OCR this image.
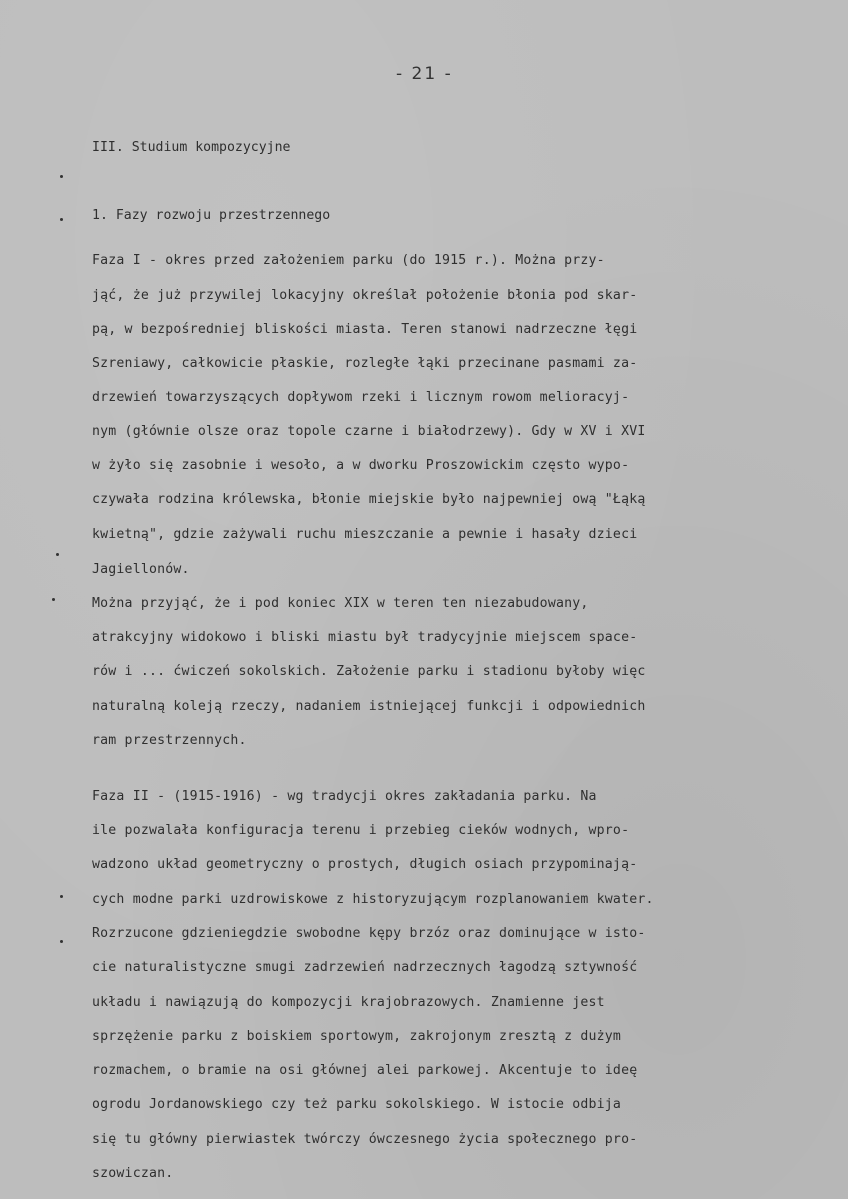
- 21 -
III. Studium kompozycyjne
1. Fazy rozwoju przestrzennego
Faza I - okres przed założeniem parku (do 1915 r.). Można przy-
jąć, że już przywilej lokacyjny określał położenie błonia pod skar-
pą, w bezpośredniej bliskości miasta. Teren stanowi nadrzeczne łęgi
Szreniawy, całkowicie płaskie, rozległe łąki przecinane pasmami za-
drzewień towarzyszących dopływom rzeki i licznym rowom melioracyj-
nym (głównie olsze oraz topole czarne i białodrzewy). Gdy w XV i XVI
w żyło się zasobnie i wesoło, a w dworku Proszowickim często wypo-
czywała rodzina królewska, błonie miejskie było najpewniej ową "Łąką
kwietną", gdzie zażywali ruchu mieszczanie a pewnie i hasały dzieci
Jagiellonów.
Można przyjąć, że i pod koniec XIX w teren ten niezabudowany,
atrakcyjny widokowo i bliski miastu był tradycyjnie miejscem space-
rów i ... ćwiczeń sokolskich. Założenie parku i stadionu byłoby więc
naturalną koleją rzeczy, nadaniem istniejącej funkcji i odpowiednich
ram przestrzennych.
Faza II - (1915-1916) - wg tradycji okres zakładania parku. Na
ile pozwalała konfiguracja terenu i przebieg cieków wodnych, wpro-
wadzono układ geometryczny o prostych, długich osiach przypominają-
cych modne parki uzdrowiskowe z historyzującym rozplanowaniem kwater.
Rozrzucone gdzieniegdzie swobodne kępy brzóz oraz dominujące w isto-
cie naturalistyczne smugi zadrzewień nadrzecznych łagodzą sztywność
układu i nawiązują do kompozycji krajobrazowych. Znamienne jest
sprzężenie parku z boiskiem sportowym, zakrojonym zresztą z dużym
rozmachem, o bramie na osi głównej alei parkowej. Akcentuje to ideę
ogrodu Jordanowskiego czy też parku sokolskiego. W istocie odbija
się tu główny pierwiastek twórczy ówczesnego życia społecznego pro-
szowiczan.
